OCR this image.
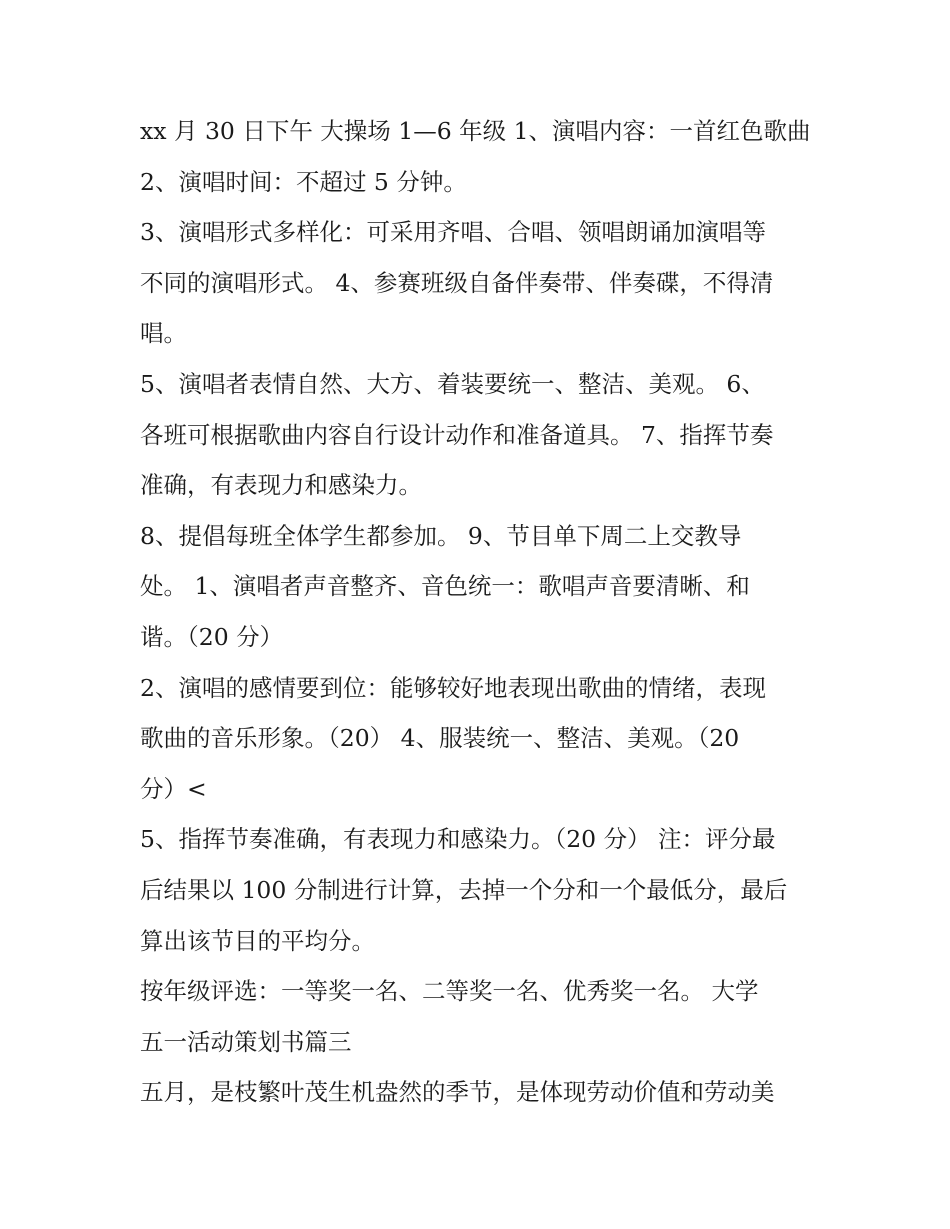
xx 月 30 日下午 大操场 1—6 年级 1、演唱内容：一首红色歌曲
2、演唱时间：不超过 5 分钟。
3、演唱形式多样化：可采用齐唱、合唱、领唱朗诵加演唱等
不同的演唱形式。 4、参赛班级自备伴奏带、伴奏碟，不得清
唱。
5、演唱者表情自然、大方、着装要统一、整洁、美观。 6、
各班可根据歌曲内容自行设计动作和准备道具。 7、指挥节奏
准确，有表现力和感染力。
8、提倡每班全体学生都参加。 9、节目单下周二上交教导
处。 1、演唱者声音整齐、音色统一：歌唱声音要清晰、和
谐。（20 分）
2、演唱的感情要到位：能够较好地表现出歌曲的情绪，表现
歌曲的音乐形象。（20） 4、服装统一、整洁、美观。（20
分）<
5、指挥节奏准确，有表现力和感染力。（20 分） 注：评分最
后结果以 100 分制进行计算，去掉一个分和一个最低分，最后
算出该节目的平均分。
按年级评选：一等奖一名、二等奖一名、优秀奖一名。 大学
五一活动策划书篇三
五月，是枝繁叶茂生机盎然的季节，是体现劳动价值和劳动美
